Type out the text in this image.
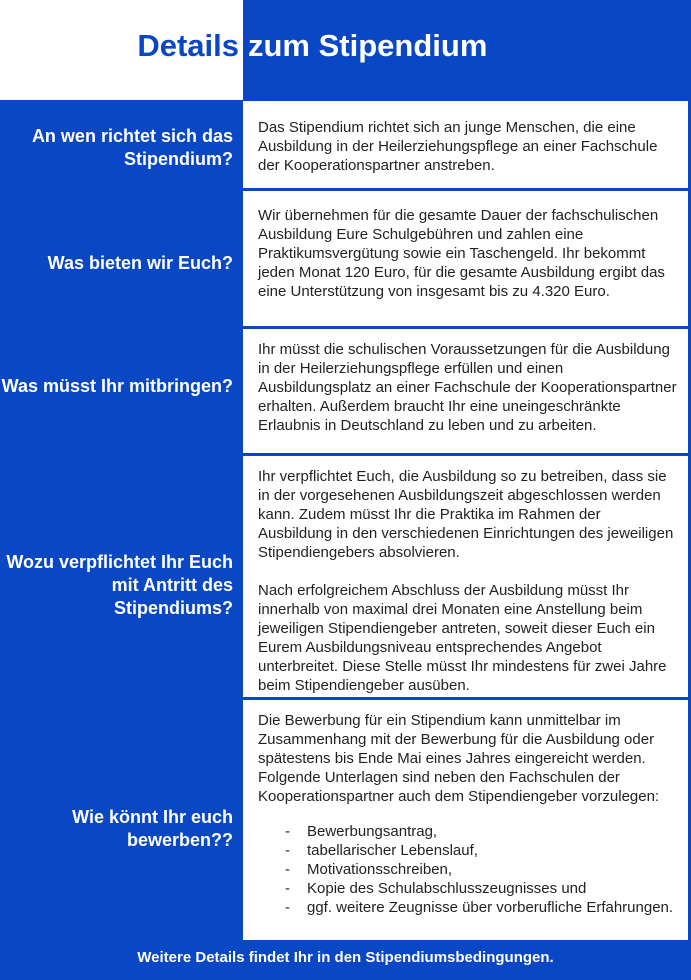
Details zum Stipendium
An wen richtet sich das Stipendium?

Das Stipendium richtet sich an junge Menschen, die eine Ausbildung in der Heilerziehungspflege an einer Fachschule der Kooperationspartner anstreben.

Was bieten wir Euch?

Wir übernehmen für die gesamte Dauer der fachschulischen Ausbildung Eure Schulgebühren und zahlen eine Praktikumsvergütung sowie ein Taschengeld. Ihr bekommt jeden Monat 120 Euro, für die gesamte Ausbildung ergibt das eine Unterstützung von insgesamt bis zu 4.320 Euro.

Was müsst Ihr mitbringen?

Ihr müsst die schulischen Voraussetzungen für die Ausbildung in der Heilerziehungspflege erfüllen und einen Ausbildungsplatz an einer Fachschule der Kooperationspartner erhalten. Außerdem braucht Ihr eine uneingeschränkte Erlaubnis in Deutschland zu leben und zu arbeiten.

Wozu verpflichtet Ihr Euch mit Antritt des Stipendiums?

Ihr verpflichtet Euch, die Ausbildung so zu betreiben, dass sie in der vorgesehenen Ausbildungszeit abgeschlossen werden kann. Zudem müsst Ihr die Praktika im Rahmen der Ausbildung in den verschiedenen Einrichtungen des jeweiligen Stipendiengebers absolvieren.

Nach erfolgreichem Abschluss der Ausbildung müsst Ihr innerhalb von maximal drei Monaten eine Anstellung beim jeweiligen Stipendiengeber antreten, soweit dieser Euch ein Eurem Ausbildungsniveau entsprechendes Angebot unterbreitet. Diese Stelle müsst Ihr mindestens für zwei Jahre beim Stipendiengeber ausüben.

Wie könnt Ihr euch bewerben??

Die Bewerbung für ein Stipendium kann unmittelbar im Zusammenhang mit der Bewerbung für die Ausbildung oder spätestens bis Ende Mai eines Jahres eingereicht werden. Folgende Unterlagen sind neben den Fachschulen der Kooperationspartner auch dem Stipendiengeber vorzulegen:

- Bewerbungsantrag,
- tabellarischer Lebenslauf,
- Motivationsschreiben,
- Kopie des Schulabschlusszeugnisses und
- ggf. weitere Zeugnisse über vorberufliche Erfahrungen.
Weitere Details findet Ihr in den Stipendiumsbedingungen.
